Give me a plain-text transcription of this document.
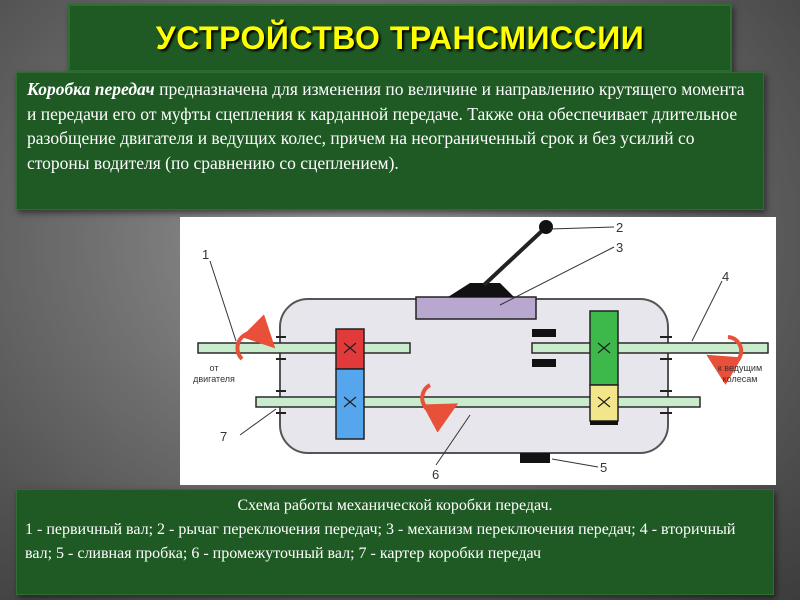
УСТРОЙСТВО ТРАНСМИССИИ

Коробка передач предназначена для изменения по величине и направлению крутящего момента и передачи его от муфты сцепления к карданной передаче. Также она обеспечивает длительное разобщение двигателя и ведущих колес, причем на неограниченный срок и без усилий со стороны водителя (по сравнению со сцеплением).

1
2
3
4
5
6
7
от
двигателя
к ведущим
колесам
Схема работы механической коробки передач.
1 - первичный вал; 2 - рычаг переключения передач; 3 - механизм переключения передач; 4 - вторичный вал; 5 - сливная пробка; 6 - промежуточный вал; 7 - картер коробки передач
